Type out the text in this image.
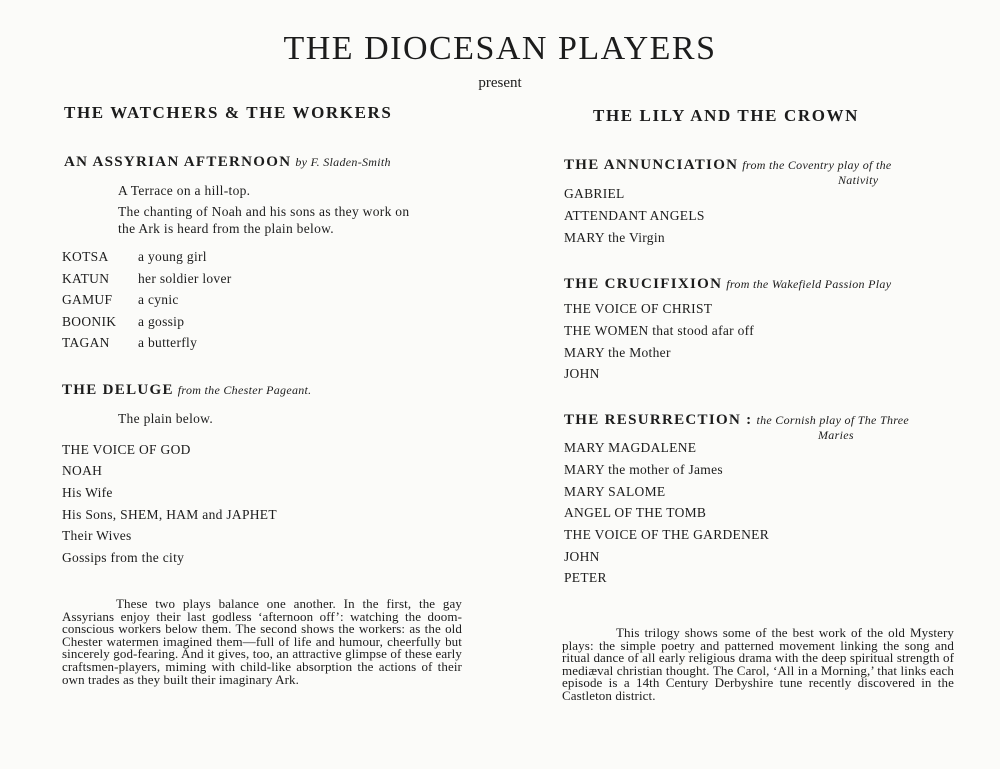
THE DIOCESAN PLAYERS
present
THE WATCHERS & THE WORKERS
AN ASSYRIAN AFTERNOON by F. Sladen-Smith
A Terrace on a hill-top.
The chanting of Noah and his sons as they work on
the Ark is heard from the plain below.
KOTSA a young girl
KATUN her soldier lover
GAMUF a cynic
BOONIK a gossip
TAGAN a butterfly
THE DELUGE from the Chester Pageant.
The plain below.
THE VOICE OF GOD
NOAH
His Wife
His Sons, SHEM, HAM and JAPHET
Their Wives
Gossips from the city
These two plays balance one another. In the first, the gay Assyrians enjoy their last godless ‘afternoon off’: watching the doom-conscious workers below them. The second shows the workers: as the old Chester watermen imagined them—full of life and humour, cheerfully but sincerely god-fearing. And it gives, too, an attractive glimpse of these early craftsmen-players, miming with child-like absorption the actions of their own trades as they built their imaginary Ark.
THE LILY AND THE CROWN
THE ANNUNCIATION from the Coventry play of the
Nativity
GABRIEL
ATTENDANT ANGELS
MARY the Virgin
THE CRUCIFIXION from the Wakefield Passion Play
THE VOICE OF CHRIST
THE WOMEN that stood afar off
MARY the Mother
JOHN
THE RESURRECTION : the Cornish play of The Three
Maries
MARY MAGDALENE
MARY the mother of James
MARY SALOME
ANGEL OF THE TOMB
THE VOICE OF THE GARDENER
JOHN
PETER
This trilogy shows some of the best work of the old Mystery plays: the simple poetry and patterned movement linking the song and ritual dance of all early religious drama with the deep spiritual strength of mediæval christian thought. The Carol, ‘All in a Morning,’ that links each episode is a 14th Century Derbyshire tune recently discovered in the Castleton district.
